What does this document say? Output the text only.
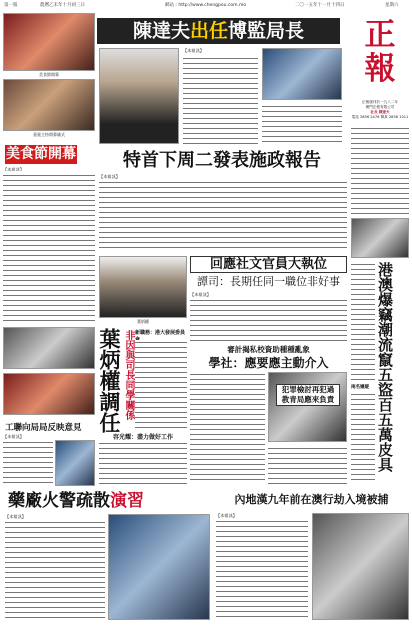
第一版	農曆乙未年十月初三日	網站 : http://www.chengpou.com.mo	二〇一五年十一月十四日	星期六
美食節開幕
嘉賓主持開幕儀式
美食節開幕
【本報訊】
工聯向局局反映意見
【本報訊】
陳達夫出任博監局長
【本報訊】	正
報
正報創刊於一九八二年
澳門正報有限公司
社長 陳達夫
電話 2856 2476 傳真 2856 1011
特首下周二發表施政報告
【本報訊】
回應社文官員大執位
譚司：長期任同一職位非好事
【本報訊】
葉炳權
葉炳權調任 非因與司長同學關係 新職務：港大發展委員
容光耀：盡力做好工作
審計揭私校資助種種亂象
學社：應要應主動介入
犯罪檢討再犯過
教青局應來負責	港澳爆竊潮流竄五盜百五萬皮具
兩名嫌疑
藥廠火警疏散演習
【本報訊】
內地漢九年前在澳行劫入境被捕
【本報訊】
